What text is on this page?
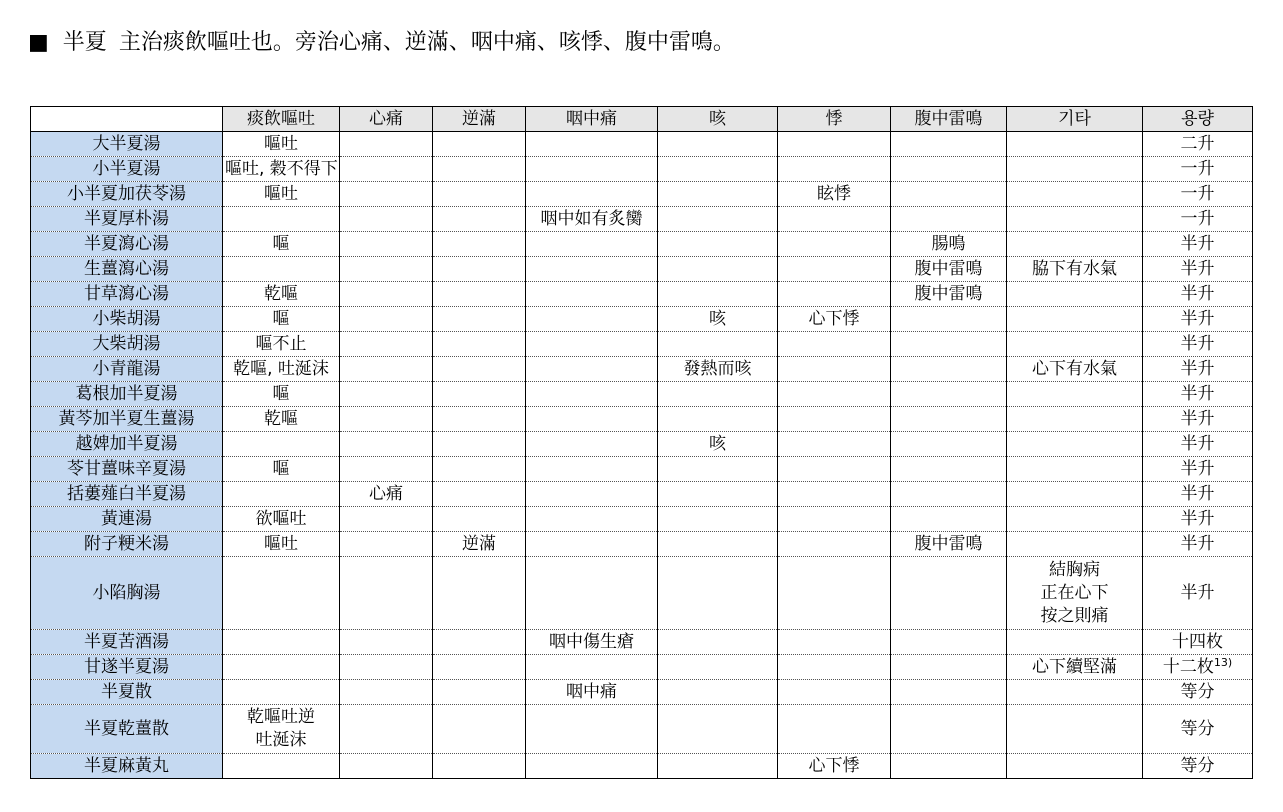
■ 半夏 主治痰飲嘔吐也。旁治心痛、逆滿、咽中痛、咳悸、腹中雷鳴。
	痰飲嘔吐	心痛	逆滿	咽中痛	咳	悸	腹中雷鳴	기타	용량
大半夏湯	嘔吐								二升
小半夏湯	嘔吐, 穀不得下								一升
小半夏加茯苓湯	嘔吐					眩悸			一升
半夏厚朴湯				咽中如有炙臠					一升
半夏瀉心湯	嘔						腸鳴		半升
生薑瀉心湯							腹中雷鳴	脇下有水氣	半升
甘草瀉心湯	乾嘔						腹中雷鳴		半升
小柴胡湯	嘔				咳	心下悸			半升
大柴胡湯	嘔不止								半升
小青龍湯	乾嘔, 吐涎沫				發熱而咳			心下有水氣	半升
葛根加半夏湯	嘔								半升
黃芩加半夏生薑湯	乾嘔								半升
越婢加半夏湯					咳				半升
苓甘薑味辛夏湯	嘔								半升
括蔞薤白半夏湯		心痛							半升
黃連湯	欲嘔吐								半升
附子粳米湯	嘔吐		逆滿				腹中雷鳴		半升
小陷胸湯								結胸病
正在心下
按之則痛	半升
半夏苦酒湯				咽中傷生瘡					十四枚
甘遂半夏湯								心下續堅滿	十二枚$^{13)}$
半夏散				咽中痛					等分
半夏乾薑散	乾嘔吐逆
吐涎沫								等分
半夏麻黃丸						心下悸			等分
